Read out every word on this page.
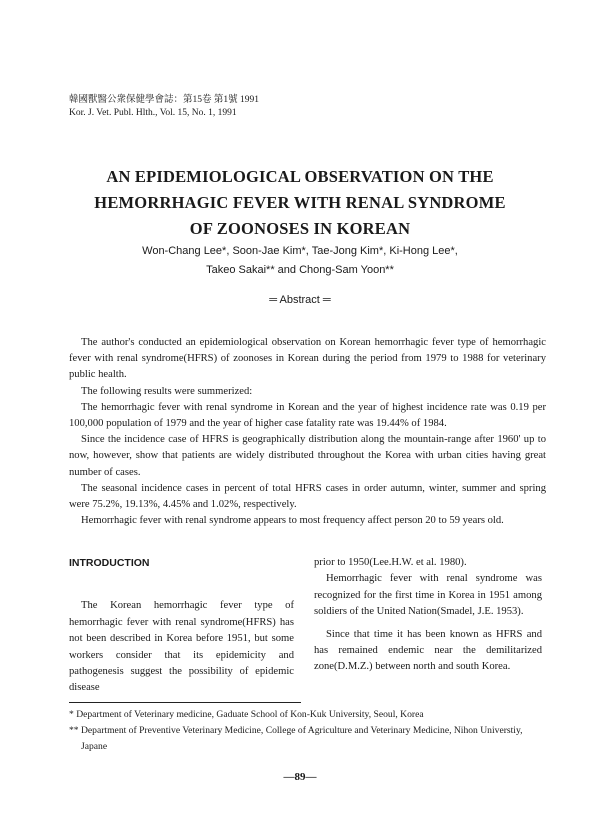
韓國獸醫公衆保健學會誌：第15卷 第1號 1991
Kor. J. Vet. Publ. Hlth., Vol. 15, No. 1, 1991
AN EPIDEMIOLOGICAL OBSERVATION ON THE
HEMORRHAGIC FEVER WITH RENAL SYNDROME
OF ZOONOSES IN KOREAN
Won-Chang Lee*, Soon-Jae Kim*, Tae-Jong Kim*, Ki-Hong Lee*,
Takeo Sakai** and Chong-Sam Yoon**
═ Abstract ═

The author's conducted an epidemiological observation on Korean hemorrhagic fever type of hemorrhagic fever with renal syndrome(HFRS) of zoonoses in Korean during the period from 1979 to 1988 for veterinary public health.

The following results were summerized:

The hemorrhagic fever with renal syndrome in Korean and the year of highest incidence rate was 0.19 per 100,000 population of 1979 and the year of higher case fatality rate was 19.44% of 1984.

Since the incidence case of HFRS is geographically distribution along the mountain-range after 1960' up to now, however, show that patients are widely distributed throughout the Korea with urban cities having great number of cases.

The seasonal incidence cases in percent of total HFRS cases in order autumn, winter, summer and spring were 75.2%, 19.13%, 4.45% and 1.02%, respectively.

Hemorrhagic fever with renal syndrome appears to most frequency affect person 20 to 59 years old.

INTRODUCTION

The Korean hemorrhagic fever type of hemorrhagic fever with renal syndrome(HFRS) has not been described in Korea before 1951, but some workers consider that its epidemicity and pathogenesis suggest the possibility of epidemic disease

prior to 1950(Lee.H.W. et al. 1980).

Hemorrhagic fever with renal syndrome was recognized for the first time in Korea in 1951 among soldiers of the United Nation(Smadel, J.E. 1953).

Since that time it has been known as HFRS and has remained endemic near the demilitarized zone(D.M.Z.) between north and south Korea.

* Department of Veterinary medicine, Gaduate School of Kon-Kuk University, Seoul, Korea

** Department of Preventive Veterinary Medicine, College of Agriculture and Veterinary Medicine, Nihon Universtiy, Japane

—89—
